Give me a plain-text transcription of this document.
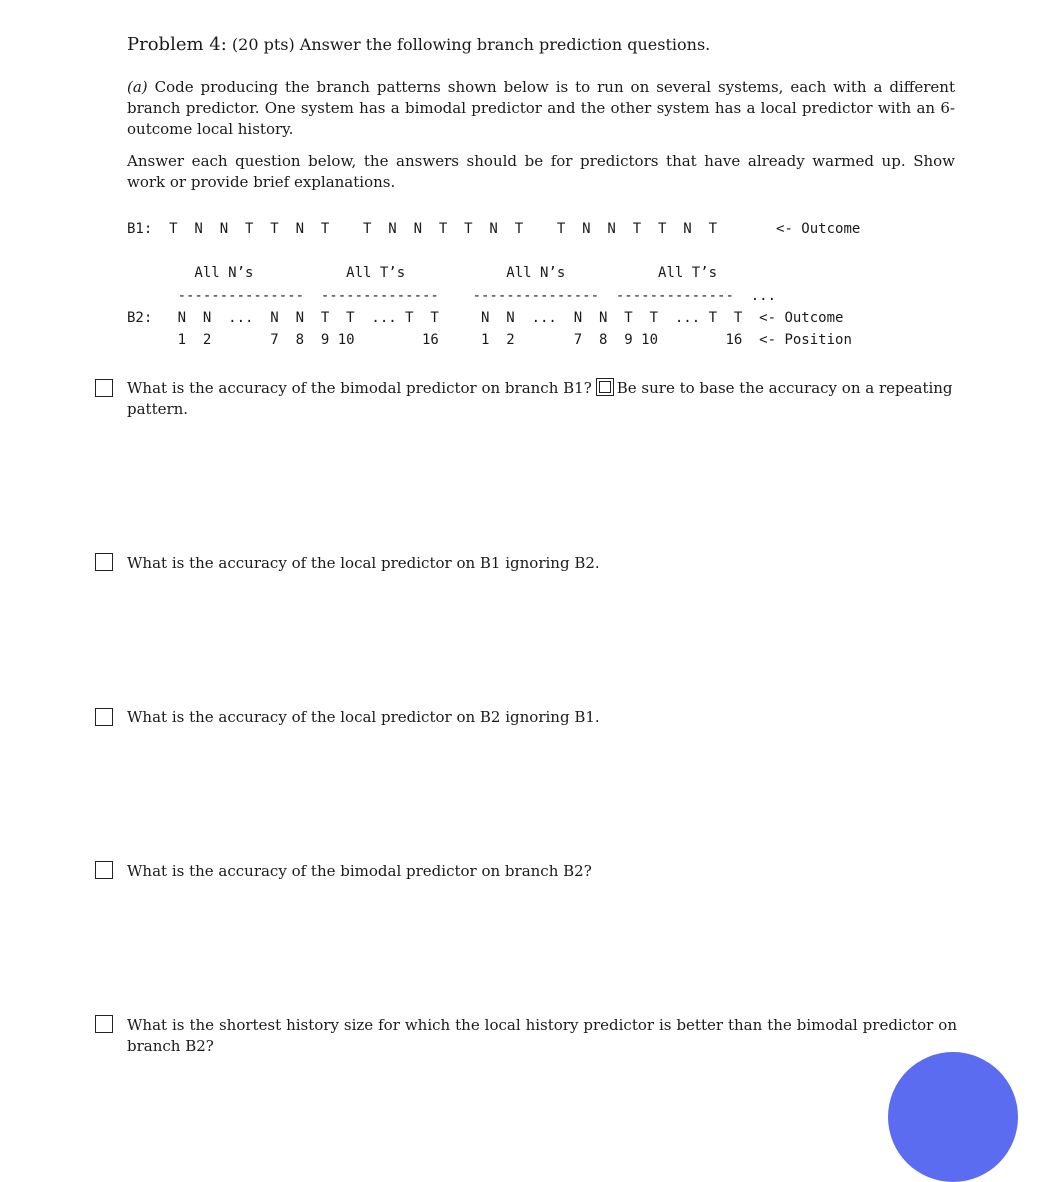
Problem 4: (20 pts) Answer the following branch prediction questions.
(a) Code producing the branch patterns shown below is to run on several systems, each with a different branch predictor. One system has a bimodal predictor and the other system has a local predictor with an 6-outcome local history.
Answer each question below, the answers should be for predictors that have already warmed up. Show work or provide brief explanations.
B1:  T  N  N  T  T  N  T    T  N  N  T  T  N  T    T  N  N  T  T  N  T       <- Outcome
All N’s           All T’s            All N’s           All T’s
---------------  --------------    ---------------  --------------  ...
B2:   N  N  ...  N  N  T  T  ... T  T     N  N  ...  N  N  T  T  ... T  T  <- Outcome
1  2       7  8  9 10        16     1  2       7  8  9 10        16  <- Position
What is the accuracy of the bimodal predictor on branch B1? Be sure to base the accuracy on a repeating pattern.
What is the accuracy of the local predictor on B1 ignoring B2.
What is the accuracy of the local predictor on B2 ignoring B1.
What is the accuracy of the bimodal predictor on branch B2?
What is the shortest history size for which the local history predictor is better than the bimodal predictor on branch B2?
